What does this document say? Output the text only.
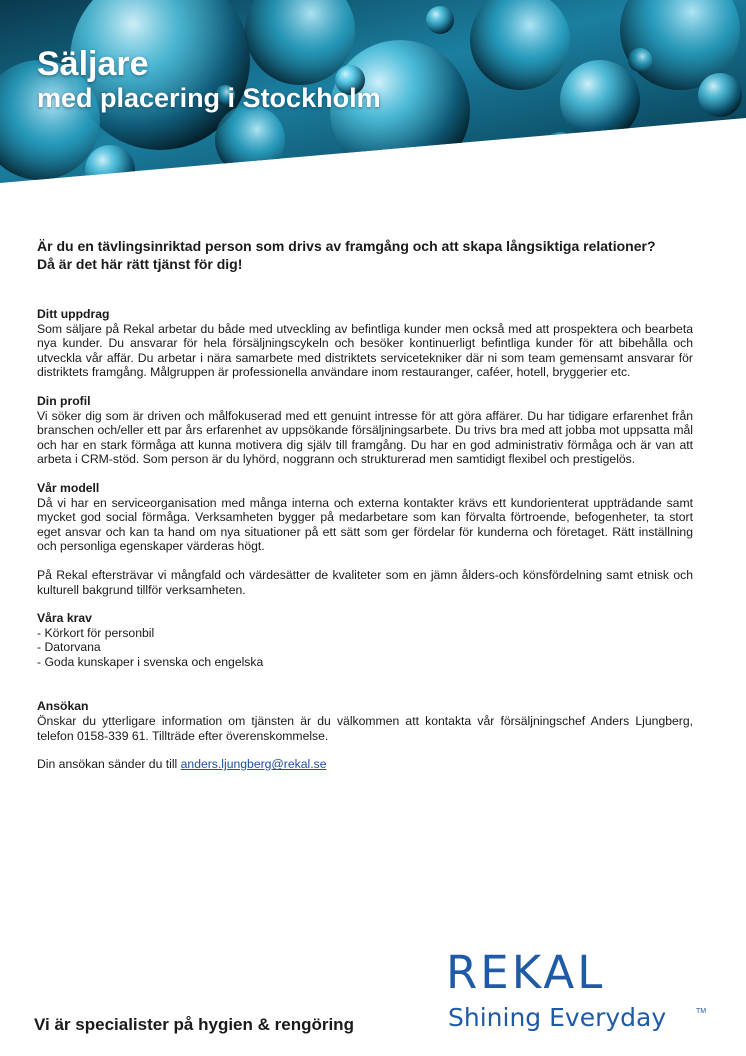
Säljare
med placering i Stockholm
Är du en tävlingsinriktad person som drivs av framgång och att skapa långsiktiga relationer?
Då är det här rätt tjänst för dig!
Ditt uppdrag
Som säljare på Rekal arbetar du både med utveckling av befintliga kunder men också med att prospektera och bearbeta nya kunder. Du ansvarar för hela försäljningscykeln och besöker kontinuerligt befintliga kunder för att bibehålla och utveckla vår affär. Du arbetar i nära samarbete med distriktets servicetekniker där ni som team gemensamt ansvarar för distriktets framgång. Målgruppen är professionella användare inom restauranger, caféer, hotell, bryggerier etc.
Din profil
Vi söker dig som är driven och målfokuserad med ett genuint intresse för att göra affärer. Du har tidigare erfarenhet från branschen och/eller ett par års erfarenhet av uppsökande försäljningsarbete. Du trivs bra med att jobba mot uppsatta mål och har en stark förmåga att kunna motivera dig själv till framgång. Du har en god administrativ förmåga och är van att arbeta i CRM-stöd. Som person är du lyhörd, noggrann och strukturerad men samtidigt flexibel och prestigelös.
Vår modell
Då vi har en serviceorganisation med många interna och externa kontakter krävs ett kundorienterat uppträdande samt mycket god social förmåga. Verksamheten bygger på medarbetare som kan förvalta förtroende, befogenheter, ta stort eget ansvar och kan ta hand om nya situationer på ett sätt som ger fördelar för kunderna och företaget. Rätt inställning och personliga egenskaper värderas högt.
På Rekal eftersträvar vi mångfald och värdesätter de kvaliteter som en jämn ålders-och könsfördelning samt etnisk och kulturell bakgrund tillför verksamheten.
Våra krav
- Körkort för personbil
- Datorvana
- Goda kunskaper i svenska och engelska
Ansökan
Önskar du ytterligare information om tjänsten är du välkommen att kontakta vår försäljningschef Anders Ljungberg, telefon 0158-339 61. Tillträde efter överenskommelse.
Din ansökan sänder du till anders.ljungberg@rekal.se
Vi är specialister på hygien & rengöring
REKAL
Shining Everyday	TM
